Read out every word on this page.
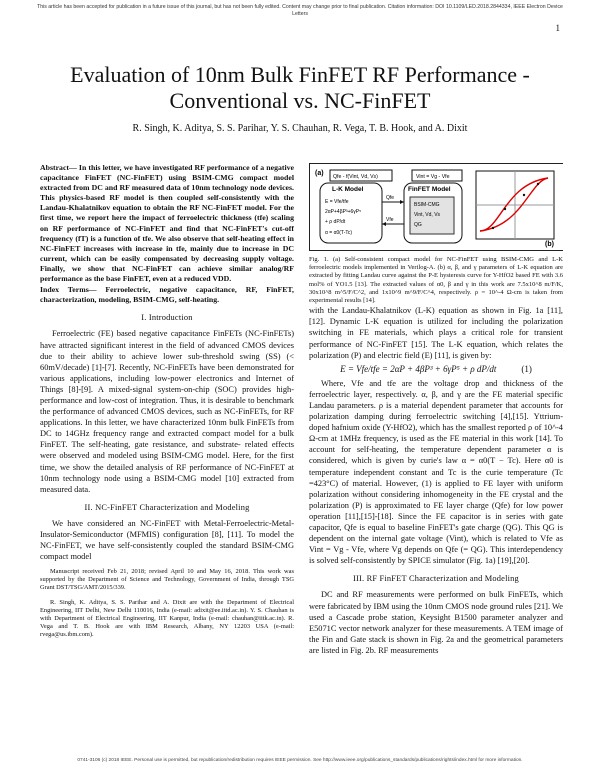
This article has been accepted for publication in a future issue of this journal, but has not been fully edited. Content may change prior to final publication. Citation information: DOI 10.1109/LED.2018.2844334, IEEE Electron Device Letters
1
Evaluation of 10nm Bulk FinFET RF Performance - Conventional vs. NC-FinFET
R. Singh, K. Aditya, S. S. Parihar, Y. S. Chauhan, R. Vega, T. B. Hook, and A. Dixit

Abstract— In this letter, we have investigated RF performance of a negative capacitance FinFET (NC-FinFET) using BSIM-CMG compact model extracted from DC and RF measured data of 10nm technology node devices. This physics-based RF model is then coupled self-consistently with the Landau-Khalatnikov equation to obtain the RF NC-FinFET model. For the first time, we report here the impact of ferroelectric thickness (tfe) scaling on RF performance of NC-FinFET and find that NC-FinFET's cut-off frequency (fT) is a function of tfe. We also observe that self-heating effect in NC-FinFET increases with increase in tfe, mainly due to increase in DC current, which can be easily compensated by decreasing supply voltage. Finally, we show that NC-FinFET can achieve similar analog/RF performance as the base FinFET, even at a reduced VDD.

Index Terms— Ferroelectric, negative capacitance, RF, FinFET, characterization, modeling, BSIM-CMG, self-heating.

I. Introduction

Ferroelectric (FE) based negative capacitance FinFETs (NC-FinFETs) have attracted significant interest in the field of advanced CMOS devices due to their ability to achieve lower sub-threshold swing (SS) (< 60mV/decade) [1]-[7]. Recently, NC-FinFETs have been demonstrated for various applications, including low-power electronics and Internet of Things [8]-[9]. A mixed-signal system-on-chip (SOC) provides high-performance and low-cost of integration. Thus, it is desirable to benchmark the performance of advanced CMOS devices, such as NC-FinFETs, for RF applications. In this letter, we have characterized 10nm bulk FinFETs from DC to 14GHz frequency range and extracted compact model for a bulk FinFET. The self-heating, gate resistance, and substrate- related effects were observed and modeled using BSIM-CMG model. Here, for the first time, we show the detailed analysis of RF performance of NC-FinFET at 10nm technology node using a BSIM-CMG model [10] extracted from measured data.

II. NC-FinFET Characterization and Modeling

We have considered an NC-FinFET with Metal-Ferroelectric-Metal-Insulator-Semiconductor (MFMIS) configuration [8], [11]. To model the NC-FinFET, we have self-consistently coupled the standard BSIM-CMG compact model

Manuscript received Feb 21, 2018; revised April 10 and May 16, 2018. This work was supported by the Department of Science and Technology, Government of India, through TSG Grant DST/TSG/AMT/2015/339.

R. Singh, K. Aditya, S. S. Parihar and A. Dixit are with the Department of Electrical Engineering, IIT Delhi, New Delhi 110016, India (e-mail: adixit@ee.iitd.ac.in). Y. S. Chauhan is with Department of Electrical Engineering, IIT Kanpur, India (e-mail: chauhan@iitk.ac.in). R. Vega and T. B. Hook are with IBM Research, Albany, NY 12203 USA (e-mail: rvega@us.ibm.com).

(a)
(b)
Qfe - f(Vint, Vd, Vs)	Vint = Vg - Vfe
L-K Model
E = Vfe/tfe
2αP+4βP³+6γP⁵
+ ρ dP/dt
α = α0(T-Tc)
FinFET Model
BSIM-CMG
Vint, Vd, Vs
QG
Qfe
Vfe
Fig. 1. (a) Self-consistent compact model for NC-FinFET using BSIM-CMG and L-K ferroelectric models implemented in Verilog-A. (b) α, β, and γ parameters of L-K equation are extracted by fitting Landau curve against the P-E hysteresis curve for Y-HfO2 based FE with 3.6 mol% of YO1.5 [13]. The extracted values of α0, β and γ in this work are 7.5x10^8 m/F/K, 30x10^8 m^5/F/C^2, and 1x10^9 m^9/F/C^4, respectively. ρ = 10^-4 Ω-cm is taken from experimental results [14].

with the Landau-Khalatnikov (L-K) equation as shown in Fig. 1a [11], [12]. Dynamic L-K equation is utilized for including the polarization switching in FE materials, which plays a critical role for transient performance of NC-FinFET [15]. The L-K equation, which relates the polarization (P) and electric field (E) [11], is given by:

E = Vfe/tfe = 2αP + 4βP³ + 6γP⁵ + ρ dP/dt	(1)

Where, Vfe and tfe are the voltage drop and thickness of the ferroelectric layer, respectively. α, β, and γ are the FE material specific Landau parameters. ρ is a material dependent parameter that accounts for polarization damping during ferroelectric switching [4],[15]. Yttrium-doped hafnium oxide (Y-HfO2), which has the smallest reported ρ of 10^-4 Ω-cm at 1MHz frequency, is used as the FE material in this work [14]. To account for self-heating, the temperature dependent parameter α is considered, which is given by curie's law α = α0(T − Tc). Here α0 is temperature independent constant and Tc is the curie temperature (Tc =423°C) of material. However, (1) is applied to FE layer with uniform polarization without considering inhomogeneity in the FE crystal and the polarization (P) is approximated to FE layer charge (Qfe) for low power operation [11],[15]-[18]. Since the FE capacitor is in series with gate capacitor, Qfe is equal to baseline FinFET's gate charge (QG). This QG is dependent on the internal gate voltage (Vint), which is related to Vfe as Vint = Vg - Vfe, where Vg depends on Qfe (= QG). This interdependency is solved self-consistently by SPICE simulator (Fig. 1a) [19],[20].

III. RF FinFET Characterization and Modeling

DC and RF measurements were performed on bulk FinFETs, which were fabricated by IBM using the 10nm CMOS node ground rules [21]. We used a Cascade probe station, Keysight B1500 parameter analyzer and E5071C vector network analyzer for these measurements. A TEM image of the Fin and Gate stack is shown in Fig. 2a and the geometrical parameters are listed in Fig. 2b. RF measurements

0741-3106 (c) 2018 IEEE. Personal use is permitted, but republication/redistribution requires IEEE permission. See http://www.ieee.org/publications_standards/publications/rights/index.html for more information.
